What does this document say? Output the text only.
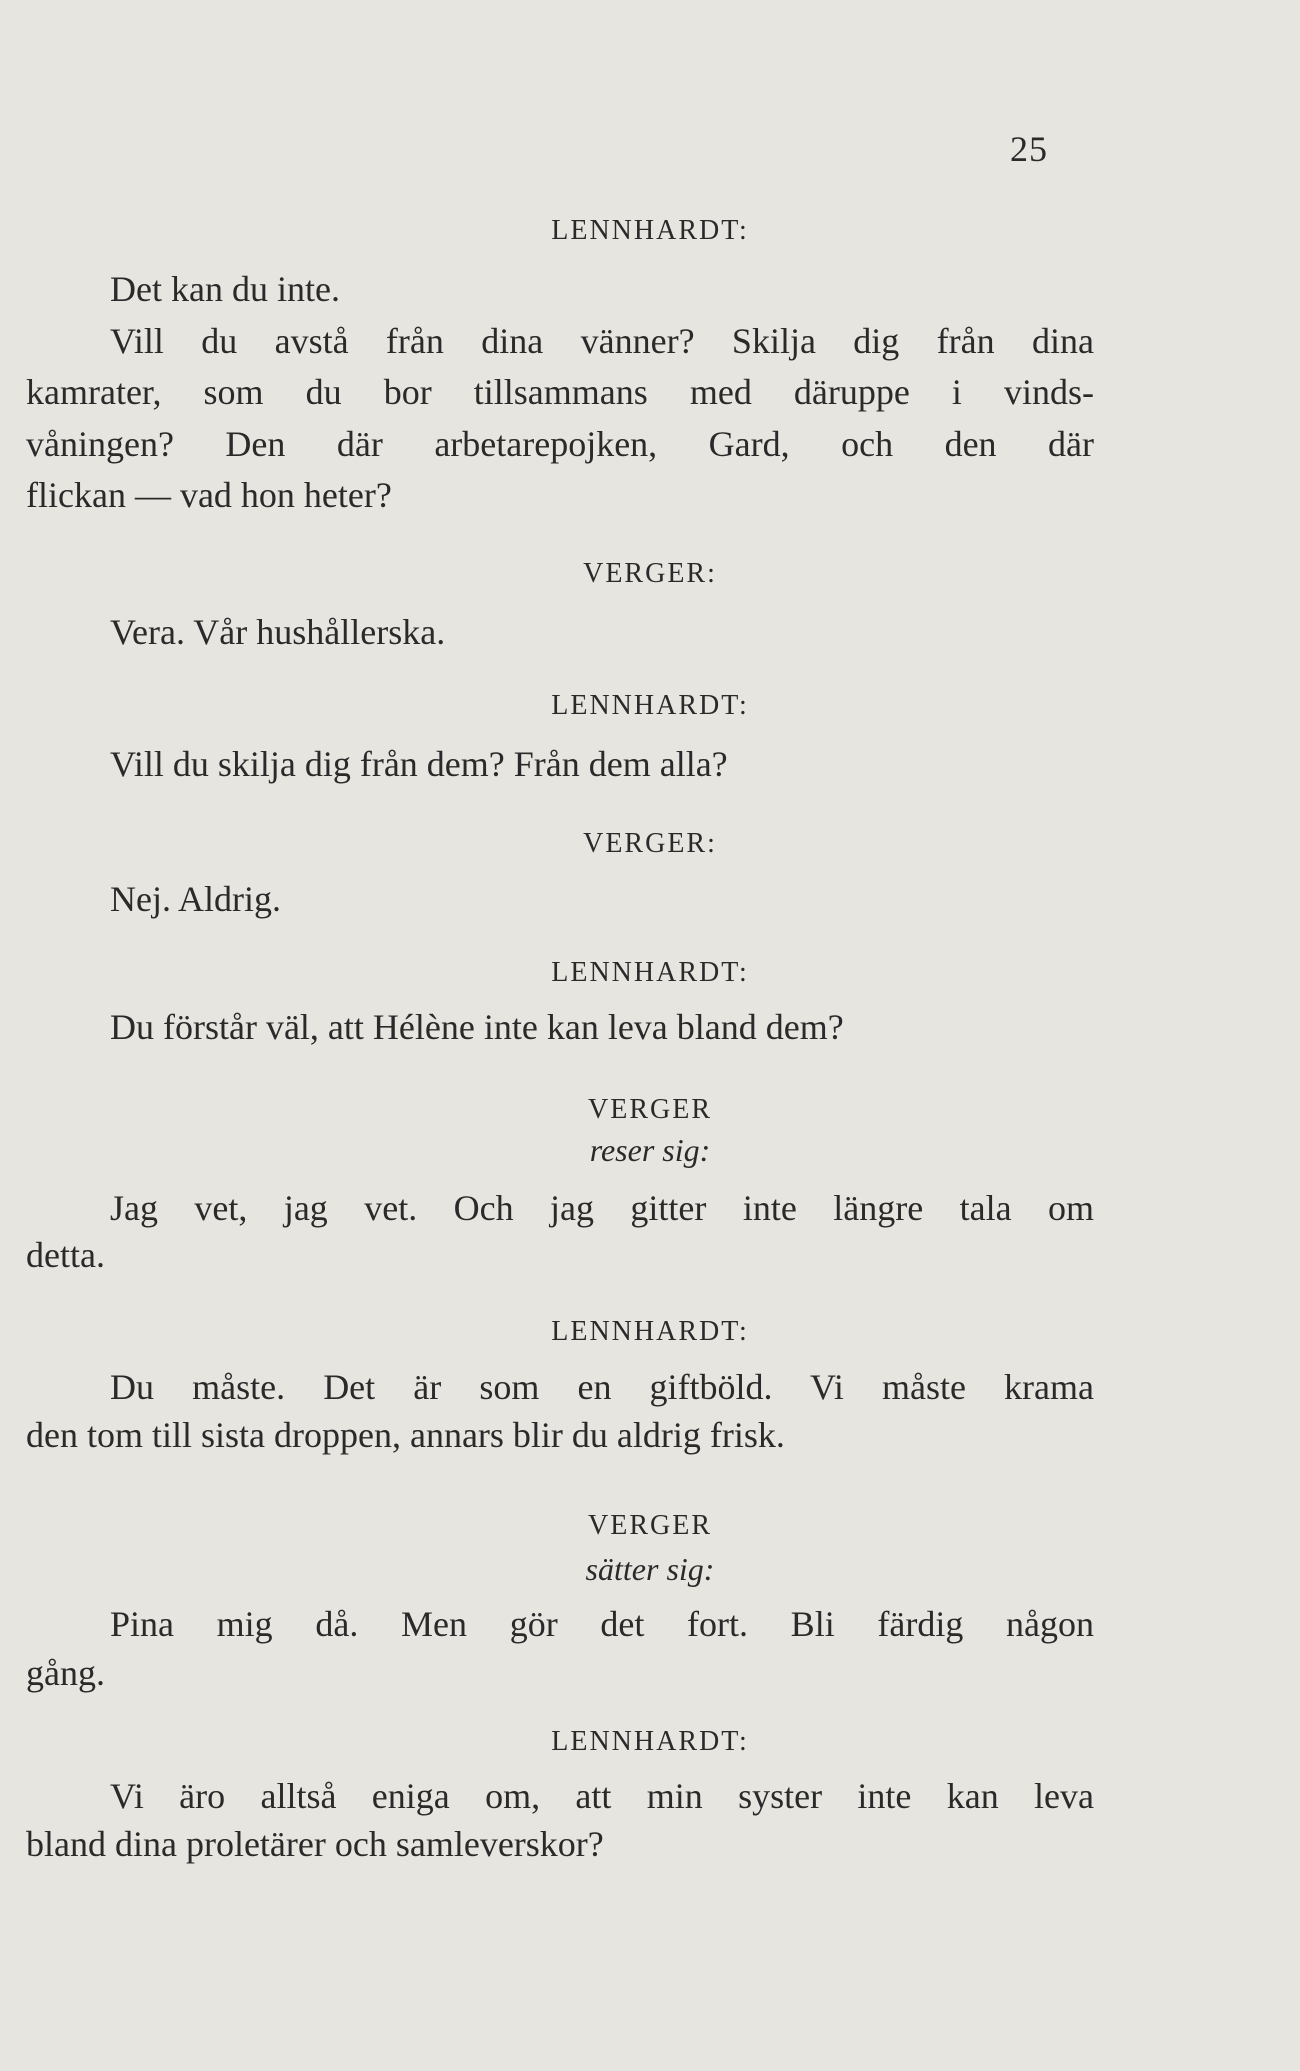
25
LENNHARDT:
Det kan du inte.
Vill du avstå från dina vänner? Skilja dig från dina
kamrater, som du bor tillsammans med däruppe i vinds-
våningen? Den där arbetarepojken, Gard, och den där
flickan — vad hon heter?
VERGER:
Vera. Vår hushållerska.
LENNHARDT:
Vill du skilja dig från dem? Från dem alla?
VERGER:
Nej. Aldrig.
LENNHARDT:
Du förstår väl, att Hélène inte kan leva bland dem?
VERGER
reser sig:
Jag vet, jag vet. Och jag gitter inte längre tala om
detta.
LENNHARDT:
Du måste. Det är som en giftböld. Vi måste krama
den tom till sista droppen, annars blir du aldrig frisk.
VERGER
sätter sig:
Pina mig då. Men gör det fort. Bli färdig någon
gång.
LENNHARDT:
Vi äro alltså eniga om, att min syster inte kan leva
bland dina proletärer och samleverskor?
